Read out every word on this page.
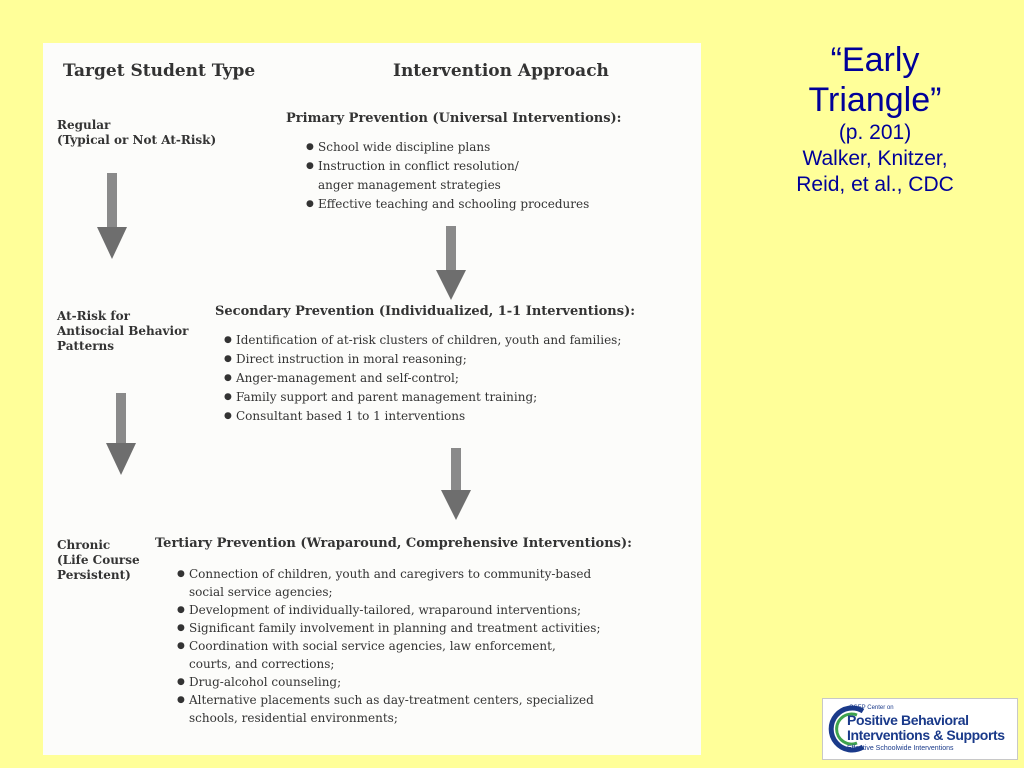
Target Student Type	Intervention Approach
Regular
(Typical or Not At-Risk)
Primary Prevention (Universal Interventions):
● School wide discipline plans
● Instruction in conflict resolution/
anger management strategies
● Effective teaching and schooling procedures
At-Risk for
Antisocial Behavior
Patterns
Secondary Prevention (Individualized, 1-1 Interventions):
● Identification of at-risk clusters of children, youth and families;
● Direct instruction in moral reasoning;
● Anger-management and self-control;
● Family support and parent management training;
● Consultant based 1 to 1 interventions
Chronic
(Life Course
Persistent)
Tertiary Prevention (Wraparound, Comprehensive Interventions):
● Connection of children, youth and caregivers to community-based
social service agencies;
● Development of individually-tailored, wraparound interventions;
● Significant family involvement in planning and treatment activities;
● Coordination with social service agencies, law enforcement,
courts, and corrections;
● Drug-alcohol counseling;
● Alternative placements such as day-treatment centers, specialized
schools, residential environments;
“Early
Triangle”
(p. 201)
Walker, Knitzer,
Reid, et al., CDC
OSEP Center on
Positive Behavioral
Interventions & Supports
Effective Schoolwide Interventions
